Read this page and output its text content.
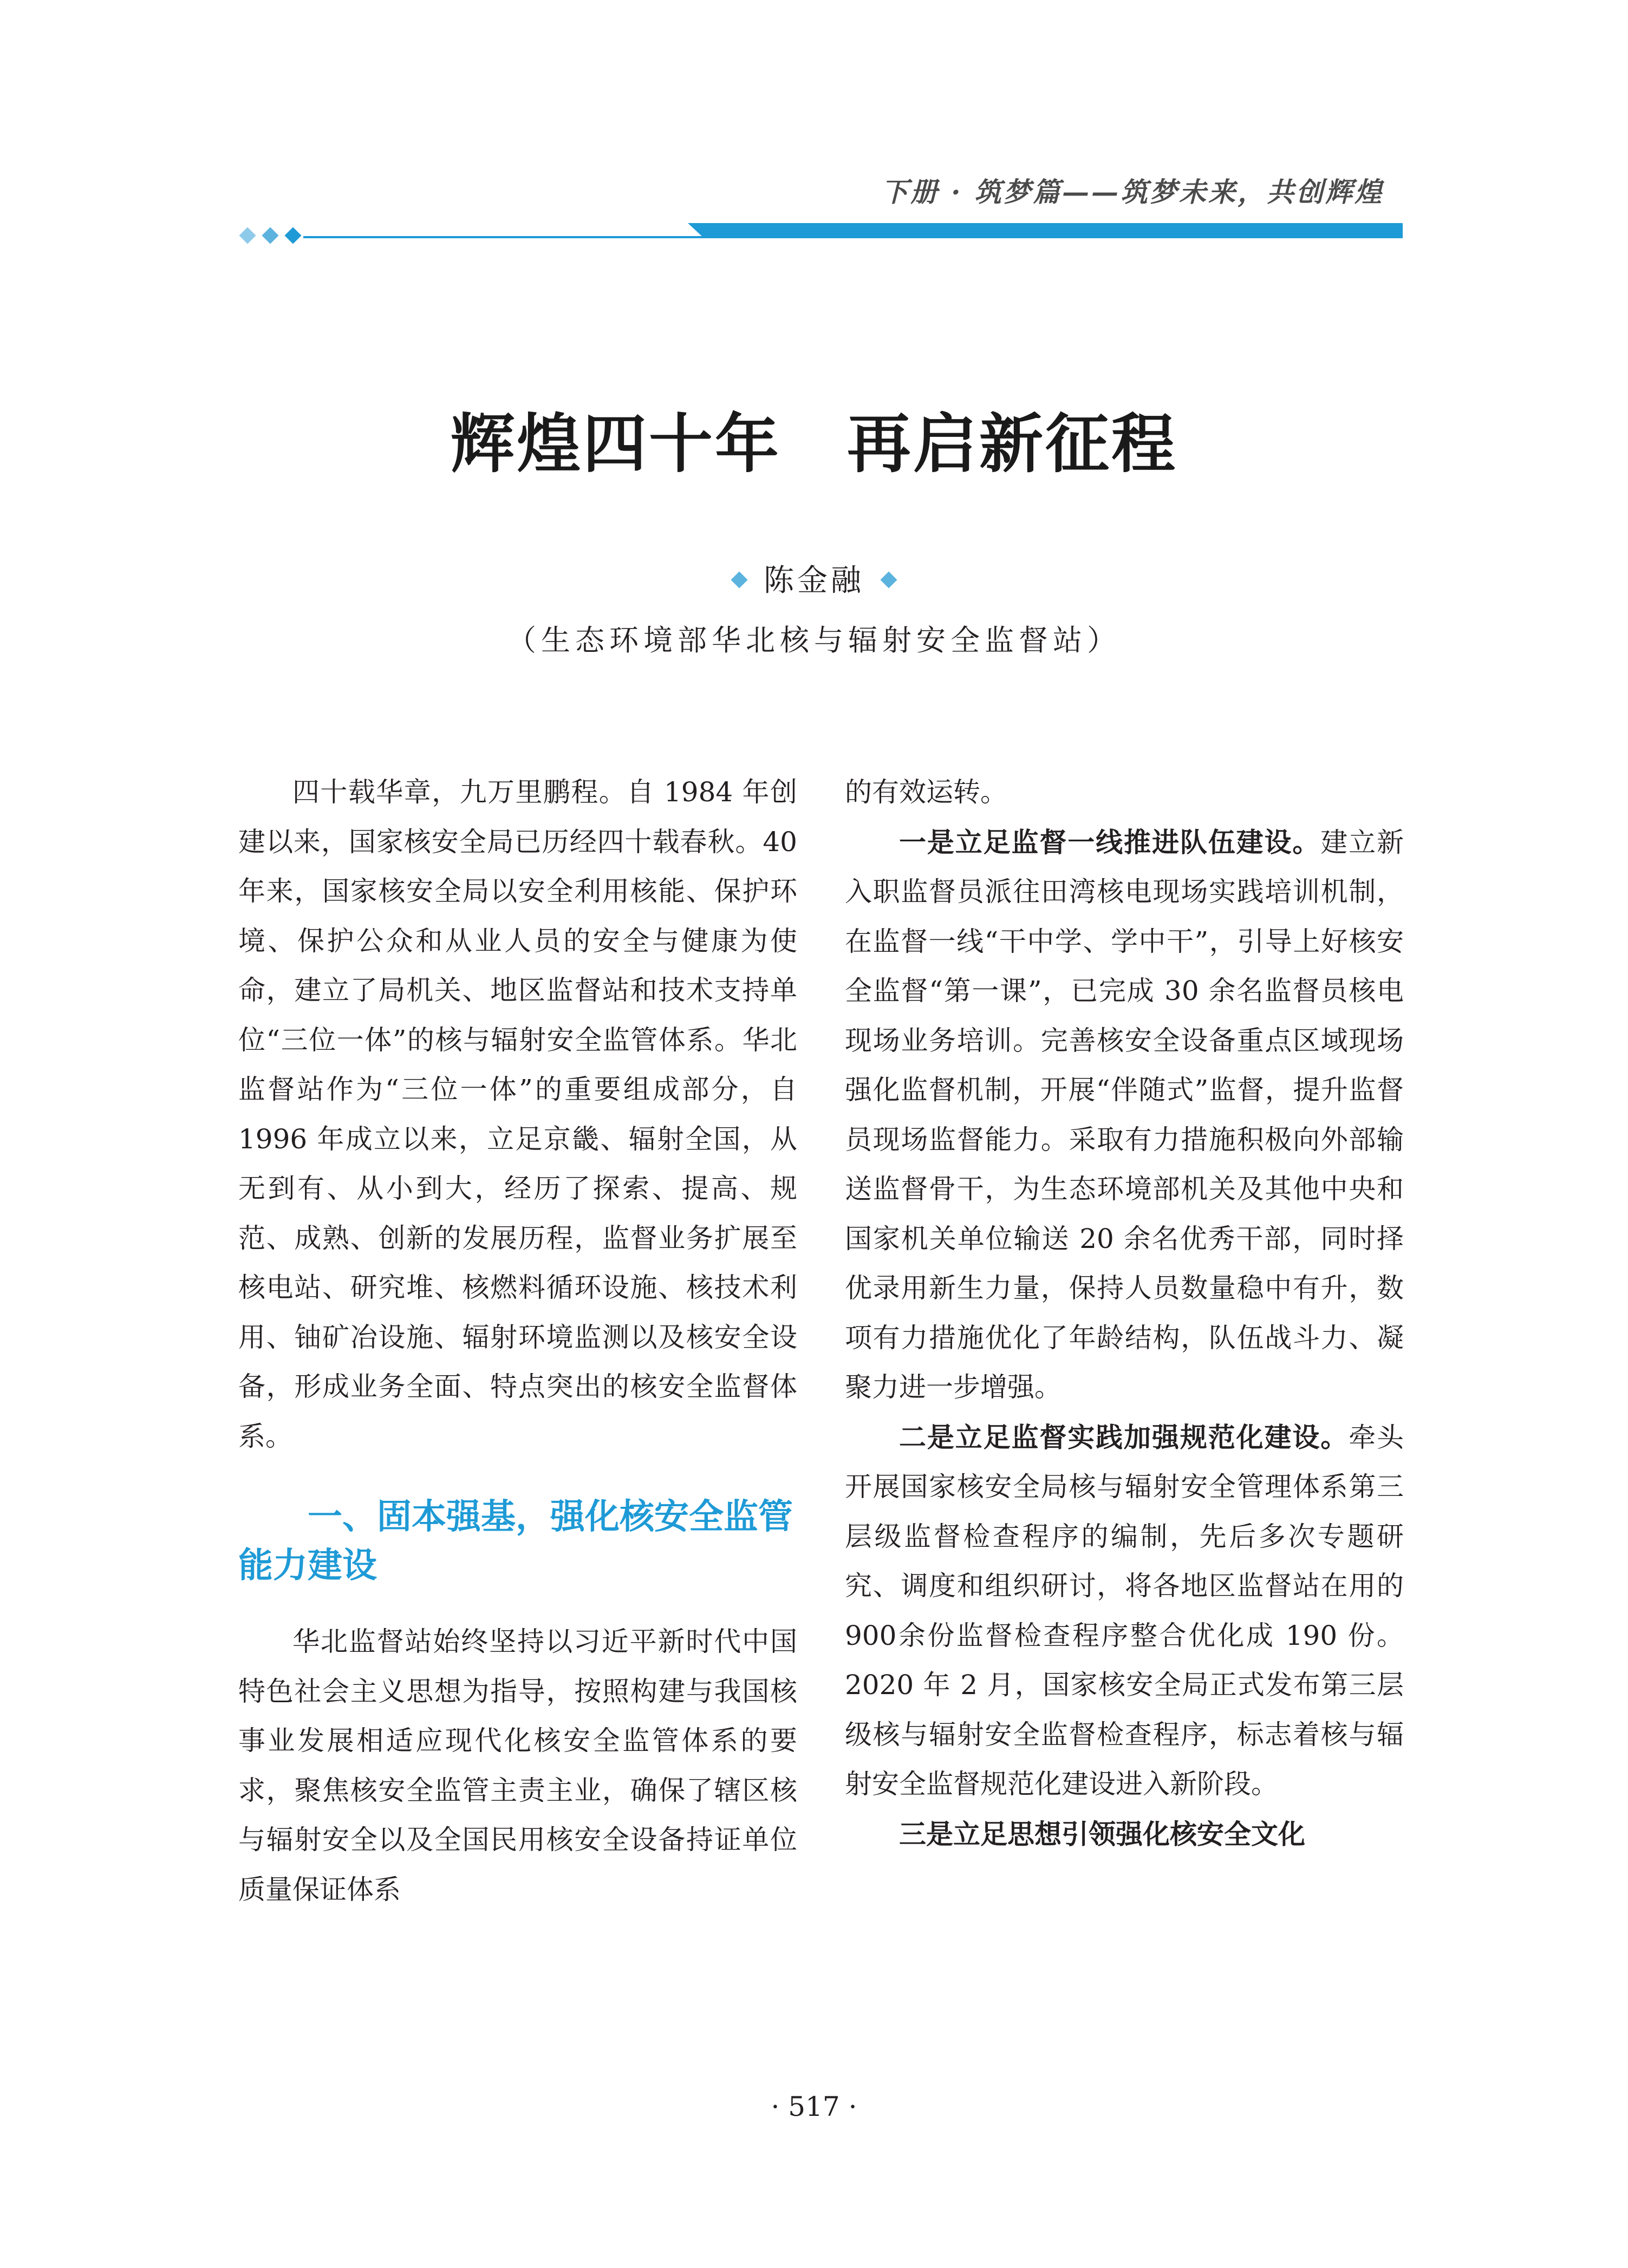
下册 · 筑梦篇——筑梦未来，共创辉煌
辉煌四十年　再启新征程
陈金融
（生态环境部华北核与辐射安全监督站）

四十载华章，九万里鹏程。自 1984 年创建以来，国家核安全局已历经四十载春秋。40 年来，国家核安全局以安全利用核能、保护环境、保护公众和从业人员的安全与健康为使命，建立了局机关、地区监督站和技术支持单位“三位一体”的核与辐射安全监管体系。华北监督站作为“三位一体”的重要组成部分，自 1996 年成立以来，立足京畿、辐射全国，从无到有、从小到大，经历了探索、提高、规范、成熟、创新的发展历程，监督业务扩展至核电站、研究堆、核燃料循环设施、核技术利用、铀矿冶设施、辐射环境监测以及核安全设备，形成业务全面、特点突出的核安全监督体系。

一、固本强基，强化核安全监管能力建设

华北监督站始终坚持以习近平新时代中国特色社会主义思想为指导，按照构建与我国核事业发展相适应现代化核安全监管体系的要求，聚焦核安全监管主责主业，确保了辖区核与辐射安全以及全国民用核安全设备持证单位质量保证体系

的有效运转。

一是立足监督一线推进队伍建设。建立新入职监督员派往田湾核电现场实践培训机制，在监督一线“干中学、学中干”，引导上好核安全监督“第一课”，已完成 30 余名监督员核电现场业务培训。完善核安全设备重点区域现场强化监督机制，开展“伴随式”监督，提升监督员现场监督能力。采取有力措施积极向外部输送监督骨干，为生态环境部机关及其他中央和国家机关单位输送 20 余名优秀干部，同时择优录用新生力量，保持人员数量稳中有升，数项有力措施优化了年龄结构，队伍战斗力、凝聚力进一步增强。

二是立足监督实践加强规范化建设。牵头开展国家核安全局核与辐射安全管理体系第三层级监督检查程序的编制，先后多次专题研究、调度和组织研讨，将各地区监督站在用的900余份监督检查程序整合优化成 190 份。2020 年 2 月，国家核安全局正式发布第三层级核与辐射安全监督检查程序，标志着核与辐射安全监督规范化建设进入新阶段。

三是立足思想引领强化核安全文化

· 517 ·
